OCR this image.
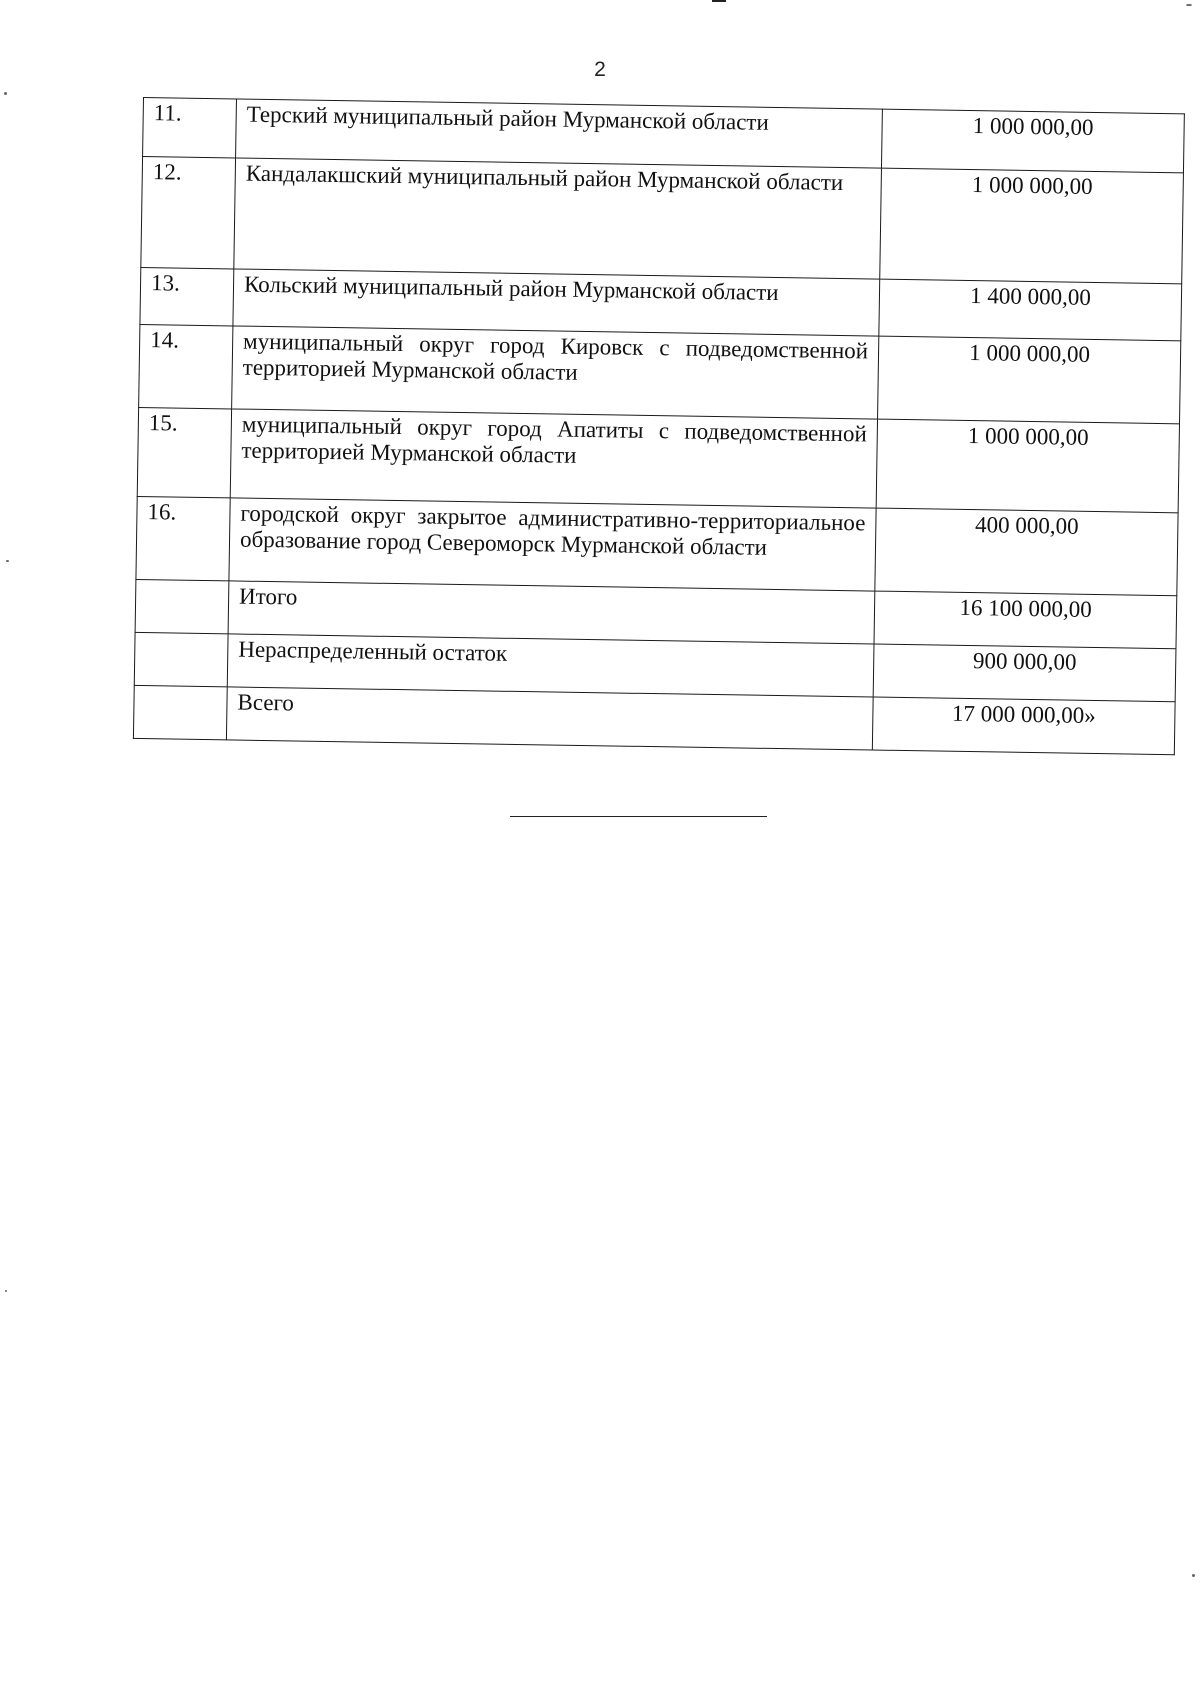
2
11.	Терский муниципальный район Мурманской области	1 000 000,00
12.	Кандалакшский муниципальный район Мурманской области	1 000 000,00
13.	Кольский муниципальный район Мурманской области	1 400 000,00
14.	муниципальный округ город Кировск с подведомственной территорией Мурманской области	1 000 000,00
15.	муниципальный округ город Апатиты с подведомственной территорией Мурманской области	1 000 000,00
16.	городской округ закрытое административно-территориальное образование город Североморск Мурманской области	400 000,00
	Итого	16 100 000,00
	Нераспределенный остаток	900 000,00
	Всего	17 000 000,00»
